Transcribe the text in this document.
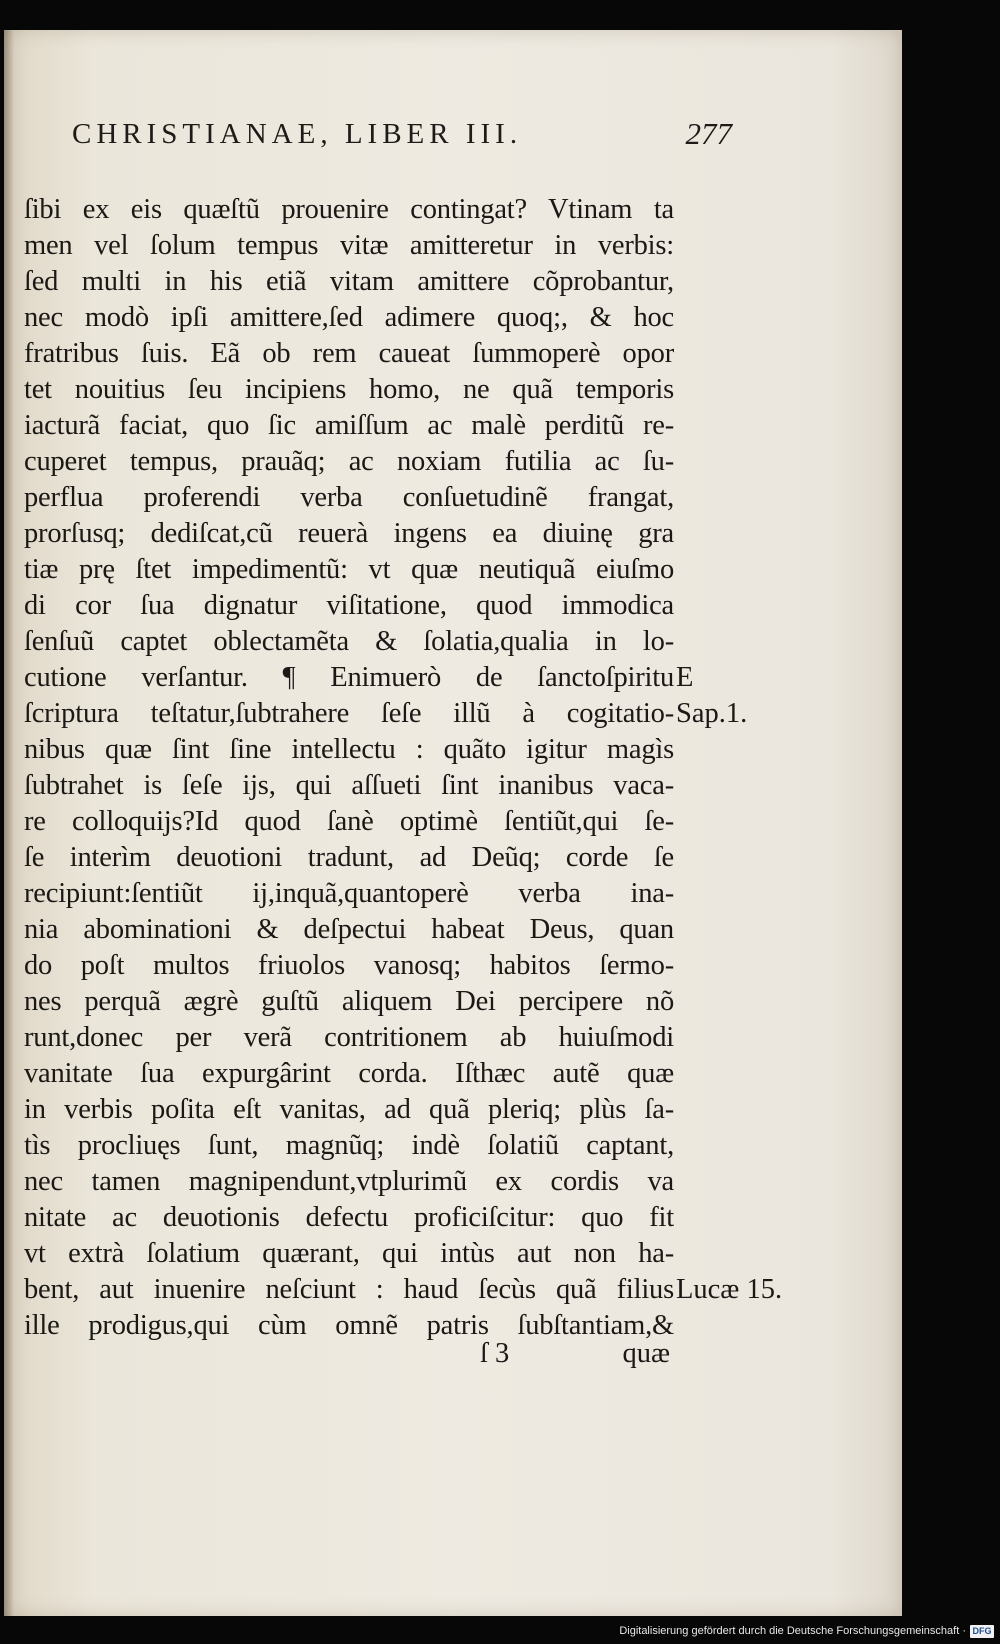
CHRISTIANAE, LIBER III.	277
ſibi ex eis quæſtũ prouenire contingat? Vtinam ta
men vel ſolum tempus vitæ amitteretur in verbis:
ſed multi in his etiã vitam amittere cõprobantur,
nec modò ipſi amittere,ſed adimere quoq;, & hoc
fratribus ſuis. Eã ob rem caueat ſummoperè opor
tet nouitius ſeu incipiens homo, ne quã temporis
iacturã faciat, quo ſic amiſſum ac malè perditũ re-
cuperet tempus, prauãq; ac noxiam futilia ac ſu-
perflua proferendi verba conſuetudinẽ frangat,
prorſusq; dediſcat,cũ reuerà ingens ea diuinę gra
tiæ prę ſtet impedimentũ: vt quæ neutiquã eiuſmo
di cor ſua dignatur viſitatione, quod immodica
ſenſuũ captet oblectamẽta & ſolatia,qualia in lo-
cutione verſantur. ¶ Enimuerò de ſanctoſpiritu
ſcriptura teſtatur,ſubtrahere ſeſe illũ à cogitatio-
nibus quæ ſint ſine intellectu : quãto igitur magìs
ſubtrahet is ſeſe ijs, qui aſſueti ſint inanibus vaca-
re colloquijs?Id quod ſanè optimè ſentiũt,qui ſe-
ſe interìm deuotioni tradunt, ad Deũq; corde ſe
recipiunt:ſentiũt ij,inquã,quantoperè verba ina-
nia abominationi & deſpectui habeat Deus, quan
do poſt multos friuolos vanosq; habitos ſermo-
nes perquã ægrè guſtũ aliquem Dei percipere nõ
runt,donec per verã contritionem ab huiuſmodi
vanitate ſua expurgârint corda. Iſthæc autẽ quæ
in verbis poſita eſt vanitas, ad quã pleriq; plùs ſa-
tìs procliuęs ſunt, magnũq; indè ſolatiũ captant,
nec tamen magnipendunt,vtplurimũ ex cordis va
nitate ac deuotionis defectu proficiſcitur: quo fit
vt extrà ſolatium quærant, qui intùs aut non ha-
bent, aut inuenire neſciunt : haud ſecùs quã filius
ille prodigus,qui cùm omnẽ patris ſubſtantiam,&
E
Sap.1.
Lucæ 15.
ſ 3	quæ
Digitalisierung gefördert durch die Deutsche Forschungsgemeinschaft · DFG
